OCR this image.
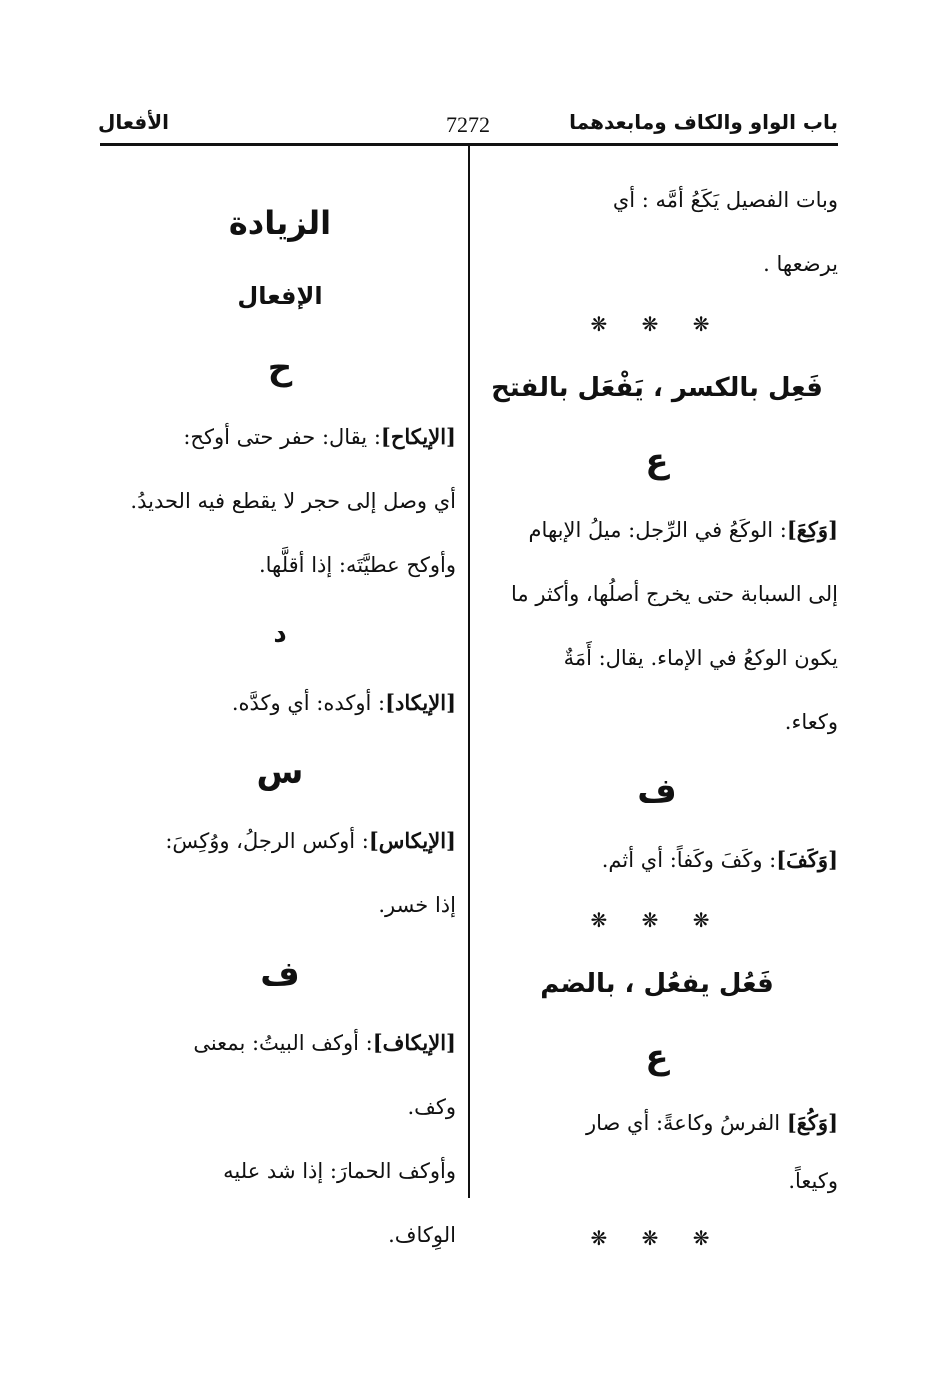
باب الواو والكاف ومابعدهما
7272
الأفعال

وبات الفصيل يَكَعُ أمَّه : أي

يرضعها .

❋ ❋ ❋
فَعِل بالكسر ، يَفْعَل بالفتح
ع

[وَكِعَ]: الوكَعُ في الرِّجل: ميلُ الإبهام

إلى السبابة حتى يخرج أصلُها، وأكثر ما

يكون الوكعُ في الإماء. يقال: أَمَةٌ

وكعاء.

ف

[وَكَفَ]: وكَفَ وكَفاً: أي أثم.

❋ ❋ ❋
فَعُل يفعُل ، بالضم
ع

[وَكُعَ] الفرسُ وكاعةً: أي صار

وكيعاً.

❋ ❋ ❋
الزيادة
الإفعال
ح

[الإيكاح]: يقال: حفر حتى أوكح:

أي وصل إلى حجر لا يقطع فيه الحديدُ.

وأوكح عطيَّتَه: إذا أقلَّها.

د

[الإيكاد]: أوكده: أي وكدَّه.

س

[الإيكاس]: أوكس الرجلُ، ووُكِسَ:

إذا خسر.

ف

[الإيكاف]: أوكف البيتُ: بمعنى

وكف.

وأوكف الحمارَ: إذا شد عليه

الوِكاف.
